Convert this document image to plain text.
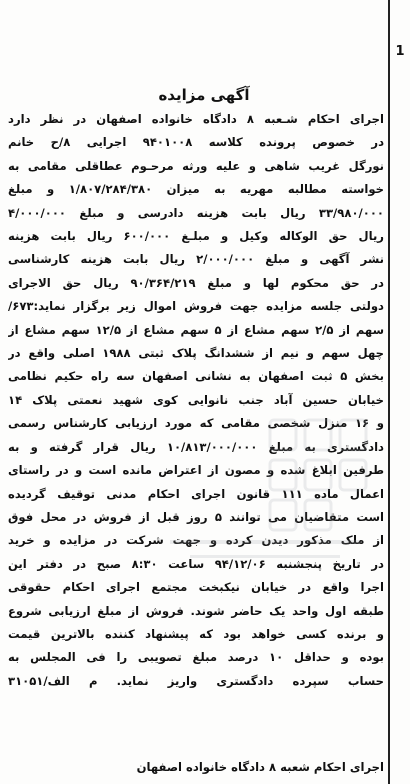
1
آگهی مزایده
اجرای احکام شـعبه ۸ دادگاه خانواده اصفهان در نظر دارد
در خصوص پرونده کلاسه ۹۴۰۱۰۰۸ اجرایی ۸/ح خانم
نورگل غریب شاهی و علیه ورثه مرحـوم عطاقلی مقامی به
خواسته مطالبه مهریه به میزان ۱/۸۰۷/۲۸۴/۳۸۰ و مبلغ
۳۳/۹۸۰/۰۰۰ ریال بابت هزینه دادرسی و مبلغ ۴/۰۰۰/۰۰۰
ریال حق الوکاله وکیل و مبلـغ ۶۰۰/۰۰۰ ریال بابت هزینه
نشر آگهی و مبلغ ۲/۰۰۰/۰۰۰ ریال بابت هزینه کارشناسی
در حق محکوم لها و مبلغ ۹۰/۳۶۴/۲۱۹ ریال حق الاجرای
دولتی جلسه مزایده جهت فروش اموال زیر برگزار نماید:۶۷۳/
سهم از ۲/۵ سهم مشاع از ۵ سهم مشاع از ۱۲/۵ سهم مشاع از
چهل سهم و نیم از ششدانگ پلاک ثبتی ۱۹۸۸ اصلی واقع در
بخش ۵ ثبت اصفهان به نشانی اصفهان سه راه حکیم نظامی
خیابان حسین آباد جنب نانوایی کوی شهید نعمتی پلاک ۱۴
و ۱۶ منزل شخصی مقامی که مورد ارزیابی کارشناس رسمی
دادگستری به مبلغ ۱۰/۸۱۳/۰۰۰/۰۰۰ ریال قرار گرفته و به
طرفین ابلاغ شده و مصون از اعتراض مانده است و در راستای
اعمال ماده ۱۱۱ قانون اجرای احکام مدنی توقیف گردیده
است متقاضیان می توانند ۵ روز قبل از فروش در محل فوق
از ملک مذکور دیدن کرده و جهت شرکت در مزایده و خرید
در تاریخ پنجشنبه ۹۴/۱۲/۰۶ ساعت ۸:۳۰ صبح در دفتر این
اجرا واقع در خیابان نیکبخت مجتمع اجرای احکام حقوقی
طبقه اول واحد یک حاضر شوند. فروش از مبلغ ارزیابی شروع
و برنده کسی خواهد بود که پیشنهاد کننده بالاترین قیمت
بوده و حداقل ۱۰ درصد مبلغ تصویبی را فی المجلس به
حساب سپرده دادگستری واریز نماید. م الف/۳۱۰۵۱
اجرای احکام شعبه ۸ دادگاه خانواده اصفهان
